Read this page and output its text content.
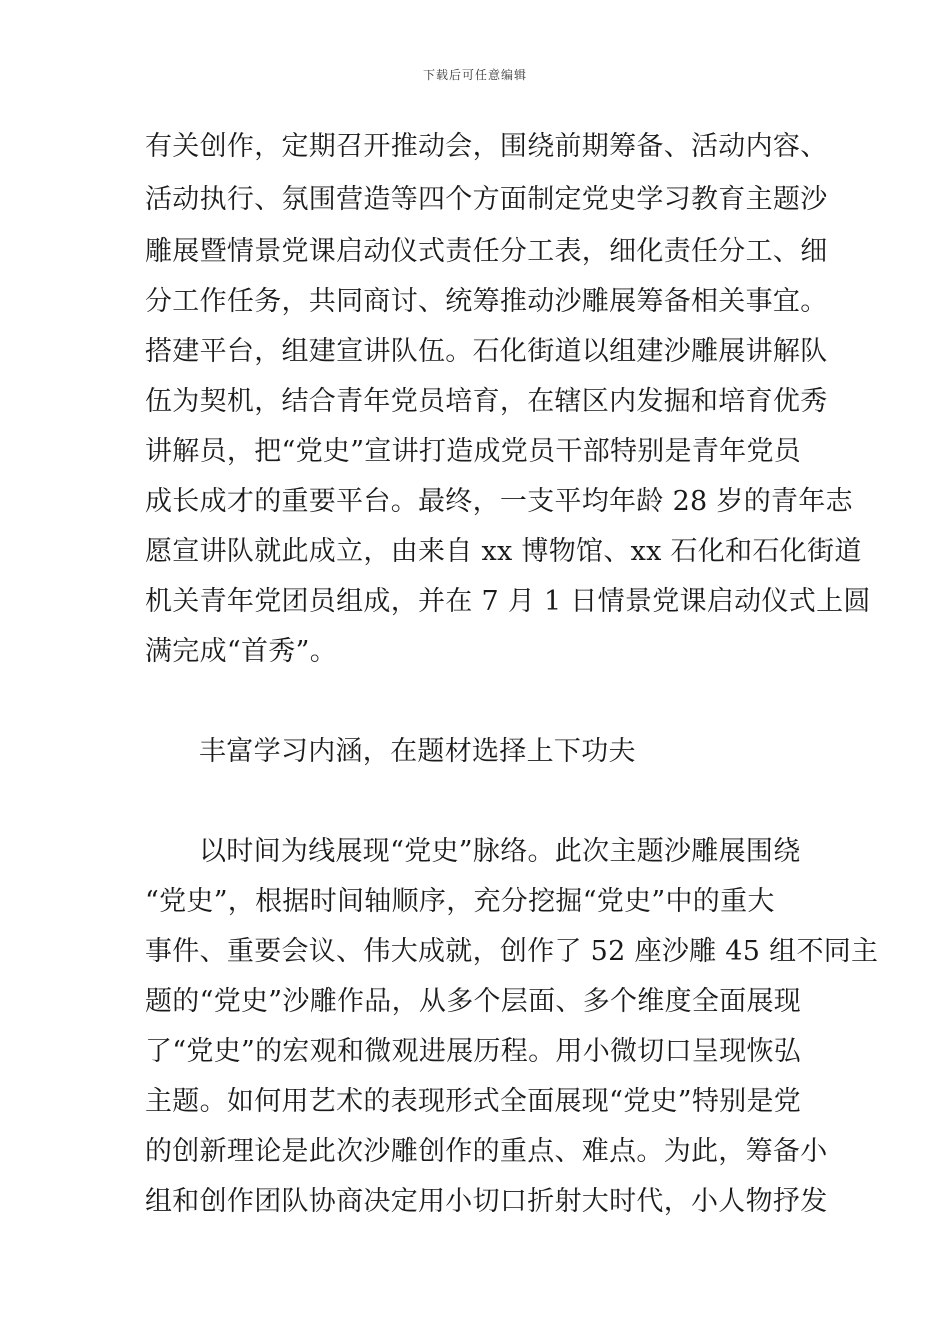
下载后可任意编辑
有关创作，定期召开推动会，围绕前期筹备、活动内容、
活动执行、氛围营造等四个方面制定党史学习教育主题沙
雕展暨情景党课启动仪式责任分工表，细化责任分工、细
分工作任务，共同商讨、统筹推动沙雕展筹备相关事宜。
搭建平台，组建宣讲队伍。石化街道以组建沙雕展讲解队
伍为契机，结合青年党员培育，在辖区内发掘和培育优秀
讲解员，把“党史”宣讲打造成党员干部特别是青年党员
成长成才的重要平台。最终，一支平均年龄 28 岁的青年志
愿宣讲队就此成立，由来自 xx 博物馆、xx 石化和石化街道
机关青年党团员组成，并在 7 月 1 日情景党课启动仪式上圆
满完成“首秀”。
丰富学习内涵，在题材选择上下功夫
以时间为线展现“党史”脉络。此次主题沙雕展围绕
“党史”，根据时间轴顺序，充分挖掘“党史”中的重大
事件、重要会议、伟大成就，创作了 52 座沙雕 45 组不同主
题的“党史”沙雕作品，从多个层面、多个维度全面展现
了“党史”的宏观和微观进展历程。用小微切口呈现恢弘
主题。如何用艺术的表现形式全面展现“党史”特别是党
的创新理论是此次沙雕创作的重点、难点。为此，筹备小
组和创作团队协商决定用小切口折射大时代，小人物抒发
